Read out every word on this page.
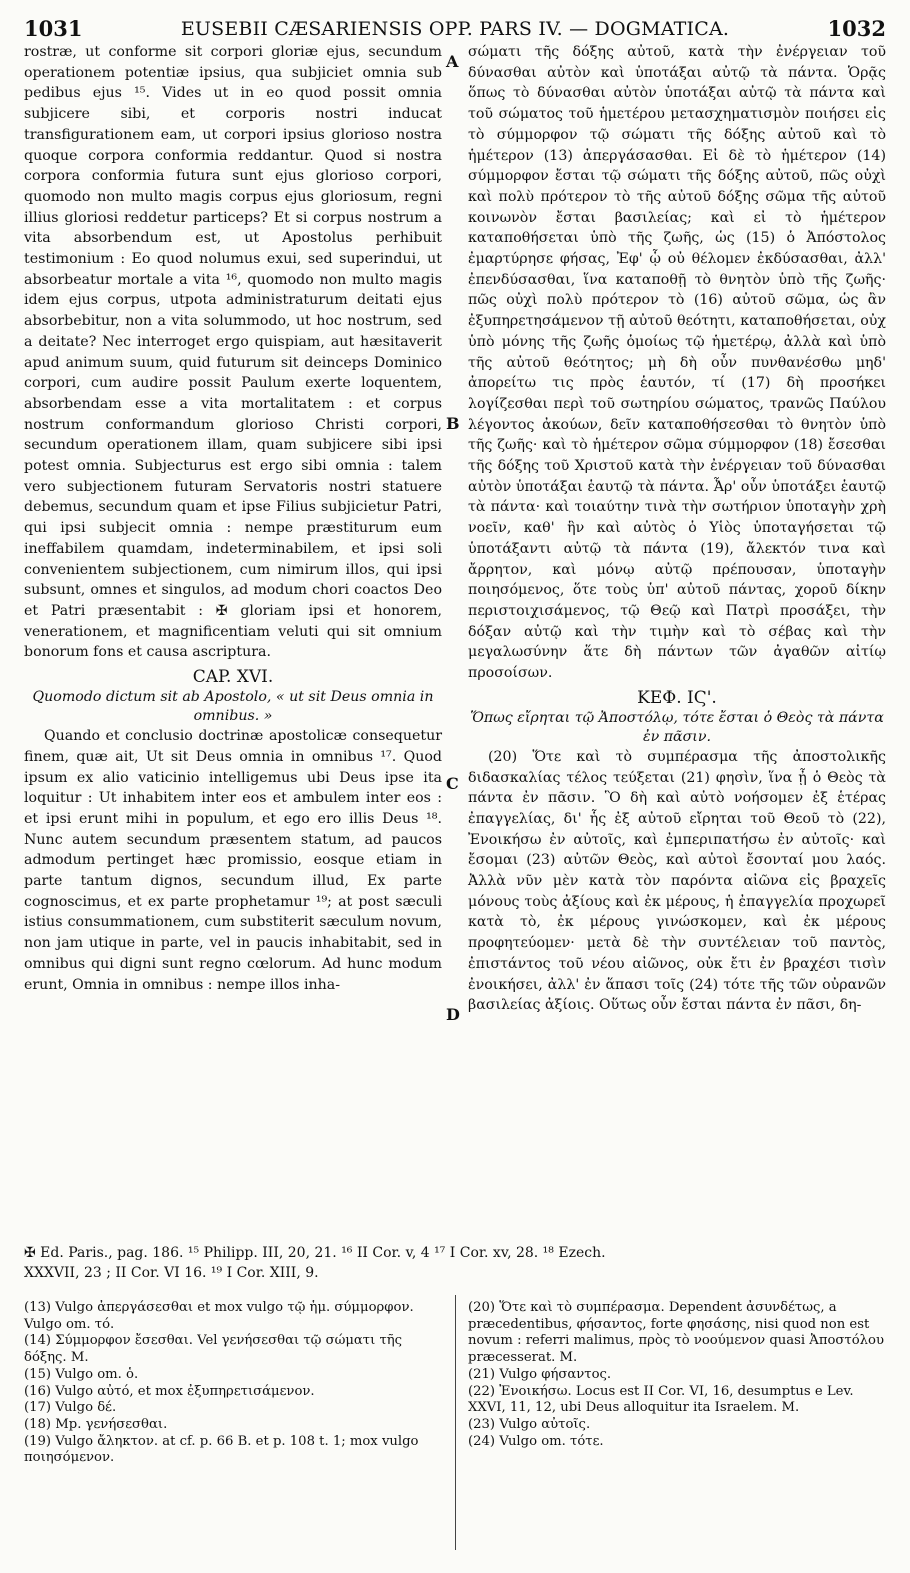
1031	EUSEBII CÆSARIENSIS OPP. PARS IV. — DOGMATICA.	1032

rostræ, ut conforme sit corpori gloriæ ejus, secundum operationem potentiæ ipsius, qua subjiciet omnia sub pedibus ejus ¹⁵. Vides ut in eo quod possit omnia subjicere sibi, et corporis nostri inducat transfigurationem eam, ut corpori ipsius glorioso nostra quoque corpora conformia reddantur. Quod si nostra corpora conformia futura sunt ejus glorioso corpori, quomodo non multo magis corpus ejus gloriosum, regni illius gloriosi reddetur particeps? Et si corpus nostrum a vita absorbendum est, ut Apostolus perhibuit testimonium : Eo quod nolumus exui, sed superindui, ut absorbeatur mortale a vita ¹⁶, quomodo non multo magis idem ejus corpus, utpota administraturum deitati ejus absorbebitur, non a vita solummodo, ut hoc nostrum, sed a deitate? Nec interroget ergo quispiam, aut hæsitaverit apud animum suum, quid futurum sit deinceps Dominico corpori, cum audire possit Paulum exerte loquentem, absorbendam esse a vita mortalitatem : et corpus nostrum conformandum glorioso Christi corpori, secundum operationem illam, quam subjicere sibi ipsi potest omnia. Subjecturus est ergo sibi omnia : talem vero subjectionem futuram Servatoris nostri statuere debemus, secundum quam et ipse Filius subjicietur Patri, qui ipsi subjecit omnia : nempe præstiturum eum ineffabilem quamdam, indeterminabilem, et ipsi soli convenientem subjectionem, cum nimirum illos, qui ipsi subsunt, omnes et singulos, ad modum chori coactos Deo et Patri præsentabit : ✠ gloriam ipsi et honorem, venerationem, et magnificentiam veluti qui sit omnium bonorum fons et causa ascriptura.

CAP. XVI.
Quomodo dictum sit ab Apostolo, « ut sit Deus omnia in omnibus. »

Quando et conclusio doctrinæ apostolicæ consequetur finem, quæ ait, Ut sit Deus omnia in omnibus ¹⁷. Quod ipsum ex alio vaticinio intelligemus ubi Deus ipse ita loquitur : Ut inhabitem inter eos et ambulem inter eos : et ipsi erunt mihi in populum, et ego ero illis Deus ¹⁸. Nunc autem secundum præsentem statum, ad paucos admodum pertinget hæc promissio, eosque etiam in parte tantum dignos, secundum illud, Ex parte cognoscimus, et ex parte prophetamur ¹⁹; at post sæculi istius consummationem, cum substiterit sæculum novum, non jam utique in parte, vel in paucis inhabitabit, sed in omnibus qui digni sunt regno cœlorum. Ad hunc modum erunt, Omnia in omnibus : nempe illos inha-

A
B
C
D

σώματι τῆς δόξης αὐτοῦ, κατὰ τὴν ἐνέργειαν τοῦ δύνασθαι αὐτὸν καὶ ὑποτάξαι αὐτῷ τὰ πάντα. Ὁρᾷς ὅπως τὸ δύνασθαι αὐτὸν ὑποτάξαι αὐτῷ τὰ πάντα καὶ τοῦ σώματος τοῦ ἡμετέρου μετασχηματισμὸν ποιήσει εἰς τὸ σύμμορφον τῷ σώματι τῆς δόξης αὐτοῦ καὶ τὸ ἡμέτερον (13) ἀπεργάσασθαι. Εἰ δὲ τὸ ἡμέτερον (14) σύμμορφον ἔσται τῷ σώματι τῆς δόξης αὐτοῦ, πῶς οὐχὶ καὶ πολὺ πρότερον τὸ τῆς αὐτοῦ δόξης σῶμα τῆς αὐτοῦ κοινωνὸν ἔσται βασιλείας; καὶ εἰ τὸ ἡμέτερον καταποθήσεται ὑπὸ τῆς ζωῆς, ὡς (15) ὁ Ἀπόστολος ἐμαρτύρησε φήσας, Ἐφ' ᾧ οὐ θέλομεν ἐκδύσασθαι, ἀλλ' ἐπενδύσασθαι, ἵνα καταποθῇ τὸ θνητὸν ὑπὸ τῆς ζωῆς· πῶς οὐχὶ πολὺ πρότερον τὸ (16) αὐτοῦ σῶμα, ὡς ἂν ἐξυπηρετησάμενον τῇ αὐτοῦ θεότητι, καταποθήσεται, οὐχ ὑπὸ μόνης τῆς ζωῆς ὁμοίως τῷ ἡμετέρῳ, ἀλλὰ καὶ ὑπὸ τῆς αὐτοῦ θεότητος; μὴ δὴ οὖν πυνθανέσθω μηδ' ἀπορείτω τις πρὸς ἑαυτόν, τί (17) δὴ προσήκει λογίζεσθαι περὶ τοῦ σωτηρίου σώματος, τρανῶς Παύλου λέγοντος ἀκούων, δεῖν καταποθήσεσθαι τὸ θνητὸν ὑπὸ τῆς ζωῆς· καὶ τὸ ἡμέτερον σῶμα σύμμορφον (18) ἔσεσθαι τῆς δόξης τοῦ Χριστοῦ κατὰ τὴν ἐνέργειαν τοῦ δύνασθαι αὐτὸν ὑποτάξαι ἑαυτῷ τὰ πάντα. Ἆρ' οὖν ὑποτάξει ἑαυτῷ τὰ πάντα· καὶ τοιαύτην τινὰ τὴν σωτήριον ὑποταγὴν χρὴ νοεῖν, καθ' ἣν καὶ αὐτὸς ὁ Υἱὸς ὑποταγήσεται τῷ ὑποτάξαντι αὐτῷ τὰ πάντα (19), ἄλεκτόν τινα καὶ ἄρρητον, καὶ μόνῳ αὐτῷ πρέπουσαν, ὑποταγὴν ποιησόμενος, ὅτε τοὺς ὑπ' αὐτοῦ πάντας, χοροῦ δίκην περιστοιχισάμενος, τῷ Θεῷ καὶ Πατρὶ προσάξει, τὴν δόξαν αὐτῷ καὶ τὴν τιμὴν καὶ τὸ σέβας καὶ τὴν μεγαλωσύνην ἅτε δὴ πάντων τῶν ἀγαθῶν αἰτίῳ προσοίσων.

ΚΕΦ. ΙϚ'.
Ὅπως εἴρηται τῷ Ἀποστόλῳ, τότε ἔσται ὁ Θεὸς τὰ πάντα ἐν πᾶσιν.

(20) Ὅτε καὶ τὸ συμπέρασμα τῆς ἀποστολικῆς διδασκαλίας τέλος τεύξεται (21) φησὶν, ἵνα ᾖ ὁ Θεὸς τὰ πάντα ἐν πᾶσιν. Ὃ δὴ καὶ αὐτὸ νοήσομεν ἐξ ἑτέρας ἐπαγγελίας, δι' ἧς ἐξ αὐτοῦ εἴρηται τοῦ Θεοῦ τὸ (22), Ἐνοικήσω ἐν αὐτοῖς, καὶ ἐμπεριπατήσω ἐν αὐτοῖς· καὶ ἔσομαι (23) αὐτῶν Θεὸς, καὶ αὐτοὶ ἔσονταί μου λαός. Ἀλλὰ νῦν μὲν κατὰ τὸν παρόντα αἰῶνα εἰς βραχεῖς μόνους τοὺς ἀξίους καὶ ἐκ μέρους, ἡ ἐπαγγελία προχωρεῖ κατὰ τὸ, ἐκ μέρους γινώσκομεν, καὶ ἐκ μέρους προφητεύομεν· μετὰ δὲ τὴν συντέλειαν τοῦ παντὸς, ἐπιστάντος τοῦ νέου αἰῶνος, οὐκ ἔτι ἐν βραχέσι τισὶν ἐνοικήσει, ἀλλ' ἐν ἅπασι τοῖς (24) τότε τῆς τῶν οὐρανῶν βασιλείας ἀξίοις. Οὕτως οὖν ἔσται πάντα ἐν πᾶσι, δη-

✠ Ed. Paris., pag. 186. ¹⁵ Philipp. III, 20, 21. ¹⁶ II Cor. v, 4 ¹⁷ I Cor. xv, 28. ¹⁸ Ezech.
XXXVII, 23 ; II Cor. VI 16. ¹⁹ I Cor. XIII, 9.

(13) Vulgo ἀπεργάσεσθαι et mox vulgo τῷ ἡμ. σύμμορφον. Vulgo om. τό.

(14) Σύμμορφον ἔσεσθαι. Vel γενήσεσθαι τῷ σώματι τῆς δόξης. M.

(15) Vulgo om. ὁ.

(16) Vulgo αὐτό, et mox ἐξυπηρετισάμενον.

(17) Vulgo δέ.

(18) Mp. γενήσεσθαι.

(19) Vulgo ἄληκτον. at cf. p. 66 B. et p. 108 t. 1; mox vulgo ποιησόμενον.

(20) Ὅτε καὶ τὸ συμπέρασμα. Dependent ἀσυνδέτως, a præcedentibus, φήσαντος, forte φησάσης, nisi quod non est novum : referri malimus, πρὸς τὸ νοούμενον quasi Ἀποστόλου præcesserat. M.

(21) Vulgo φήσαντος.

(22) Ἐνοικήσω. Locus est II Cor. VI, 16, desumptus e Lev. XXVI, 11, 12, ubi Deus alloquitur ita Israelem. M.

(23) Vulgo αὐτοῖς.

(24) Vulgo om. τότε.
